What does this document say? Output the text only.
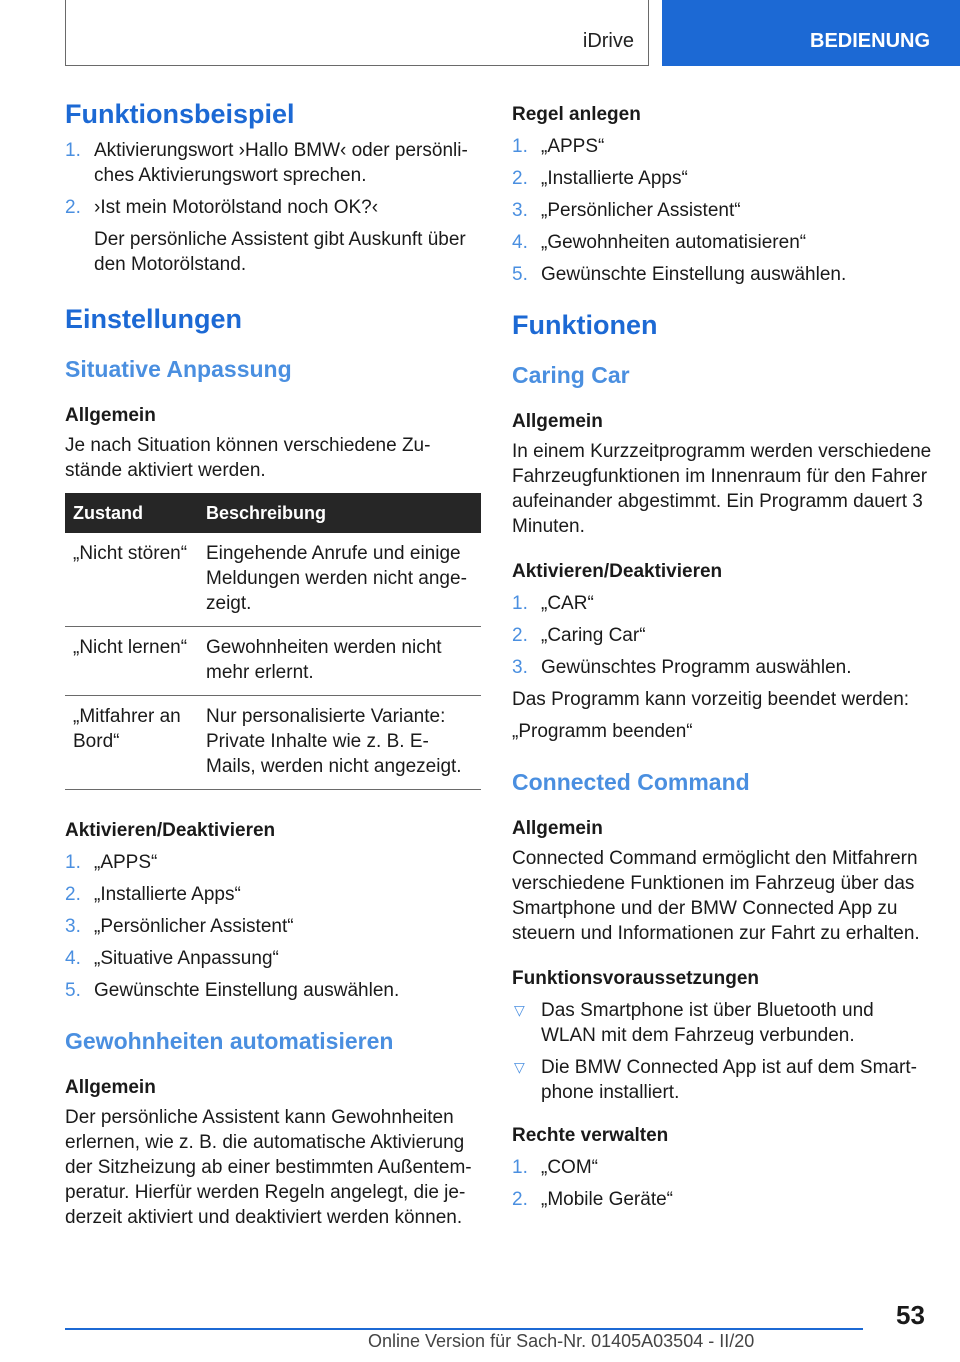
iDrive	BEDIENUNG
Funktionsbeispiel
1. Aktivierungswort ›Hallo BMW‹ oder persönliches Aktivierungswort sprechen.
2. ›Ist mein Motorölstand noch OK?‹
Der persönliche Assistent gibt Auskunft über den Motorölstand.
Einstellungen
Situative Anpassung
Allgemein
Je nach Situation können verschiedene Zustände aktiviert werden.
Zustand	Beschreibung
„Nicht stören“	Eingehende Anrufe und einige Meldungen werden nicht angezeigt.
„Nicht lernen“	Gewohnheiten werden nicht mehr erlernt.
„Mitfahrer an Bord“	Nur personalisierte Variante: Private Inhalte wie z. B. E-Mails, werden nicht angezeigt.
Aktivieren/Deaktivieren
1. „APPS“
2. „Installierte Apps“
3. „Persönlicher Assistent“
4. „Situative Anpassung“
5. Gewünschte Einstellung auswählen.
Gewohnheiten automatisieren
Allgemein
Der persönliche Assistent kann Gewohnheiten erlernen, wie z. B. die automatische Aktivierung der Sitzheizung ab einer bestimmten Außentemperatur. Hierfür werden Regeln angelegt, die jederzeit aktiviert und deaktiviert werden können.
Regel anlegen
1. „APPS“
2. „Installierte Apps“
3. „Persönlicher Assistent“
4. „Gewohnheiten automatisieren“
5. Gewünschte Einstellung auswählen.
Funktionen
Caring Car
Allgemein
In einem Kurzzeitprogramm werden verschiedene Fahrzeugfunktionen im Innenraum für den Fahrer aufeinander abgestimmt. Ein Programm dauert 3 Minuten.
Aktivieren/Deaktivieren
1. „CAR“
2. „Caring Car“
3. Gewünschtes Programm auswählen.
Das Programm kann vorzeitig beendet werden:
„Programm beenden“
Connected Command
Allgemein
Connected Command ermöglicht den Mitfahrern verschiedene Funktionen im Fahrzeug über das Smartphone und der BMW Connected App zu steuern und Informationen zur Fahrt zu erhalten.
Funktionsvoraussetzungen
▽ Das Smartphone ist über Bluetooth und WLAN mit dem Fahrzeug verbunden.
▽ Die BMW Connected App ist auf dem Smartphone installiert.
Rechte verwalten
1. „COM“
2. „Mobile Geräte“
53
Online Version für Sach-Nr. 01405A03504 - II/20
